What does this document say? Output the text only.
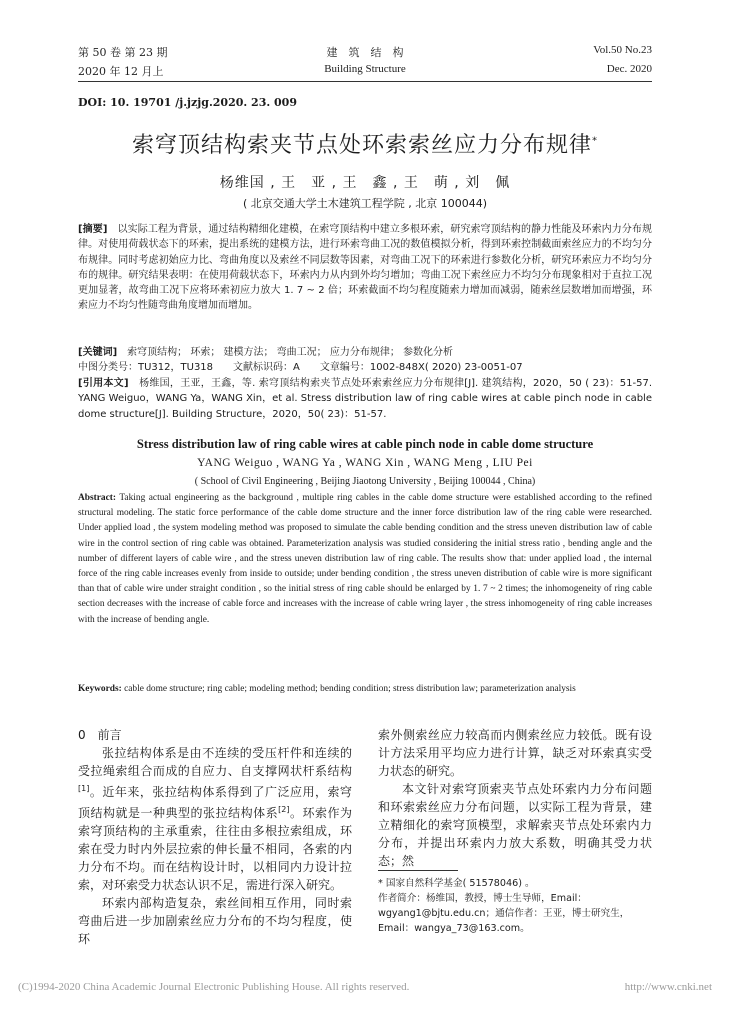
第 50 卷 第 23 期
2020 年 12 月上
建　筑　结　构
Building Structure
Vol.50 No.23
Dec. 2020
DOI: 10. 19701 /j.jzjg.2020. 23. 009
索穹顶结构索夹节点处环索索丝应力分布规律*
杨维国 , 王　亚 , 王　鑫 , 王　萌 , 刘　佩
( 北京交通大学土木建筑工程学院 , 北京 100044)
[摘要]　 以实际工程为背景，通过结构精细化建模，在索穹顶结构中建立多根环索，研究索穹顶结构的静力性能及环索内力分布规律。对使用荷载状态下的环索，提出系统的建模方法，进行环索弯曲工况的数值模拟分析，得到环索控制截面索丝应力的不均匀分布规律。同时考虑初始应力比、弯曲角度以及索丝不同层数等因素，对弯曲工况下的环索进行参数化分析，研究环索应力不均匀分布的规律。研究结果表明：在使用荷载状态下，环索内力从内到外均匀增加；弯曲工况下索丝应力不均匀分布现象相对于直拉工况更加显著，故弯曲工况下应将环索初应力放大 1. 7 ~ 2 倍；环索截面不均匀程度随索力增加而减弱，随索丝层数增加而增强，环索应力不均匀性随弯曲角度增加而增加。
[关键词]　 索穹顶结构； 环索； 建模方法； 弯曲工况； 应力分布规律； 参数化分析
中图分类号：TU312，TU318　　文献标识码：A　　文章编号：1002-848X( 2020) 23-0051-07
[引用本文]　 杨维国，王亚，王鑫，等. 索穹顶结构索夹节点处环索索丝应力分布规律[J]. 建筑结构，2020，50 ( 23)：51-57. YANG Weiguo，WANG Ya，WANG Xin，et al. Stress distribution law of ring cable wires at cable pinch node in cable dome structure[J]. Building Structure，2020，50( 23)：51-57.
Stress distribution law of ring cable wires at cable pinch node in cable dome structure
YANG Weiguo , WANG Ya , WANG Xin , WANG Meng , LIU Pei
( School of Civil Engineering , Beijing Jiaotong University , Beijing 100044 , China)
Abstract: Taking actual engineering as the background , multiple ring cables in the cable dome structure were established according to the refined structural modeling. The static force performance of the cable dome structure and the inner force distribution law of the ring cable were researched. Under applied load , the system modeling method was proposed to simulate the cable bending condition and the stress uneven distribution law of cable wire in the control section of ring cable was obtained. Parameterization analysis was studied considering the initial stress ratio , bending angle and the number of different layers of cable wire , and the stress uneven distribution law of ring cable. The results show that: under applied load , the internal force of the ring cable increases evenly from inside to outside; under bending condition , the stress uneven distribution of cable wire is more significant than that of cable wire under straight condition , so the initial stress of ring cable should be enlarged by 1. 7 ~ 2 times; the inhomogeneity of ring cable section decreases with the increase of cable force and increases with the increase of cable wring layer , the stress inhomogeneity of ring cable increases with the increase of bending angle.
Keywords: cable dome structure; ring cable; modeling method; bending condition; stress distribution law; parameterization analysis
0　 前言

张拉结构体系是由不连续的受压杆件和连续的受拉绳索组合而成的自应力、自支撑网状杆系结构[1]。近年来，张拉结构体系得到了广泛应用，索穹顶结构就是一种典型的张拉结构体系[2]。环索作为索穹顶结构的主承重索，往往由多根拉索组成，环索在受力时内外层拉索的伸长量不相同，各索的内力分布不均。而在结构设计时，以相同内力设计拉索，对环索受力状态认识不足，需进行深入研究。

环索内部构造复杂，索丝间相互作用，同时索弯曲后进一步加剧索丝应力分布的不均匀程度，使环

索外侧索丝应力较高而内侧索丝应力较低。既有设计方法采用平均应力进行计算，缺乏对环索真实受力状态的研究。

本文针对索穹顶索夹节点处环索内力分布问题和环索索丝应力分布问题，以实际工程为背景，建立精细化的索穹顶模型，求解索夹节点处环索内力分布，并提出环索内力放大系数，明确其受力状态；然

* 国家自然科学基金( 51578046) 。
作者简介：杨维国，教授，博士生导师，Email：wgyang1@bjtu.edu.cn；通信作者：王亚，博士研究生，Email：wangya_73@163.com。
(C)1994-2020 China Academic Journal Electronic Publishing House. All rights reserved.	http://www.cnki.net
